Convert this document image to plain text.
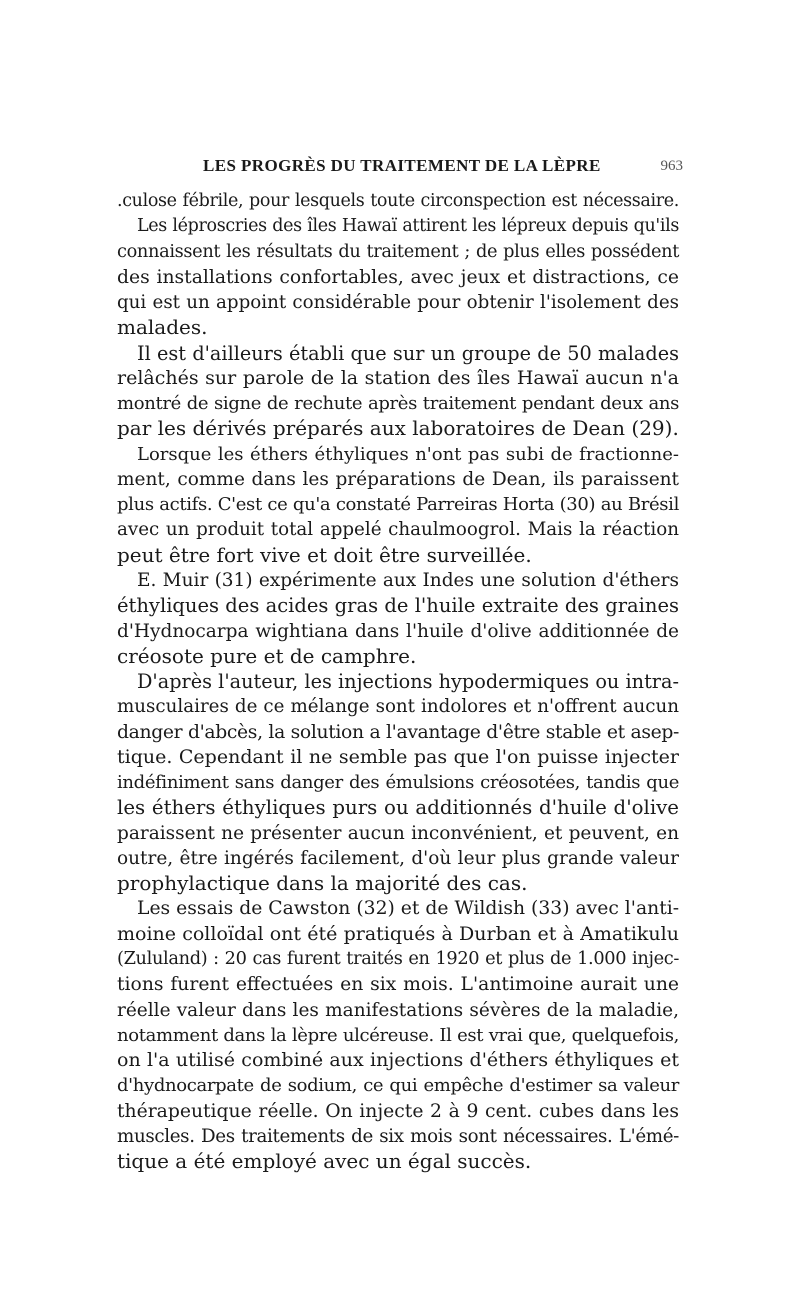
LES PROGRÈS DU TRAITEMENT DE LA LÈPRE	963
.culose fébrile, pour lesquels toute circonspection est nécessaire.
Les léproscries des îles Hawaï attirent les lépreux depuis qu'ils
connaissent les résultats du traitement ; de plus elles possédent
des installations confortables, avec jeux et distractions, ce
qui est un appoint considérable pour obtenir l'isolement des
malades.
Il est d'ailleurs établi que sur un groupe de 50 malades
relâchés sur parole de la station des îles Hawaï aucun n'a
montré de signe de rechute après traitement pendant deux ans
par les dérivés préparés aux laboratoires de Dean (29).
Lorsque les éthers éthyliques n'ont pas subi de fractionne-
ment, comme dans les préparations de Dean, ils paraissent
plus actifs. C'est ce qu'a constaté Parreiras Horta (30) au Brésil
avec un produit total appelé chaulmoogrol. Mais la réaction
peut être fort vive et doit être surveillée.
E. Muir (31) expérimente aux Indes une solution d'éthers
éthyliques des acides gras de l'huile extraite des graines
d'Hydnocarpa wightiana dans l'huile d'olive additionnée de
créosote pure et de camphre.
D'après l'auteur, les injections hypodermiques ou intra-
musculaires de ce mélange sont indolores et n'offrent aucun
danger d'abcès, la solution a l'avantage d'être stable et asep-
tique. Cependant il ne semble pas que l'on puisse injecter
indéfiniment sans danger des émulsions créosotées, tandis que
les éthers éthyliques purs ou additionnés d'huile d'olive
paraissent ne présenter aucun inconvénient, et peuvent, en
outre, être ingérés facilement, d'où leur plus grande valeur
prophylactique dans la majorité des cas.
Les essais de Cawston (32) et de Wildish (33) avec l'anti-
moine colloïdal ont été pratiqués à Durban et à Amatikulu
(Zululand) : 20 cas furent traités en 1920 et plus de 1.000 injec-
tions furent effectuées en six mois. L'antimoine aurait une
réelle valeur dans les manifestations sévères de la maladie,
notamment dans la lèpre ulcéreuse. Il est vrai que, quelquefois,
on l'a utilisé combiné aux injections d'éthers éthyliques et
d'hydnocarpate de sodium, ce qui empêche d'estimer sa valeur
thérapeutique réelle. On injecte 2 à 9 cent. cubes dans les
muscles. Des traitements de six mois sont nécessaires. L'émé-
tique a été employé avec un égal succès.
